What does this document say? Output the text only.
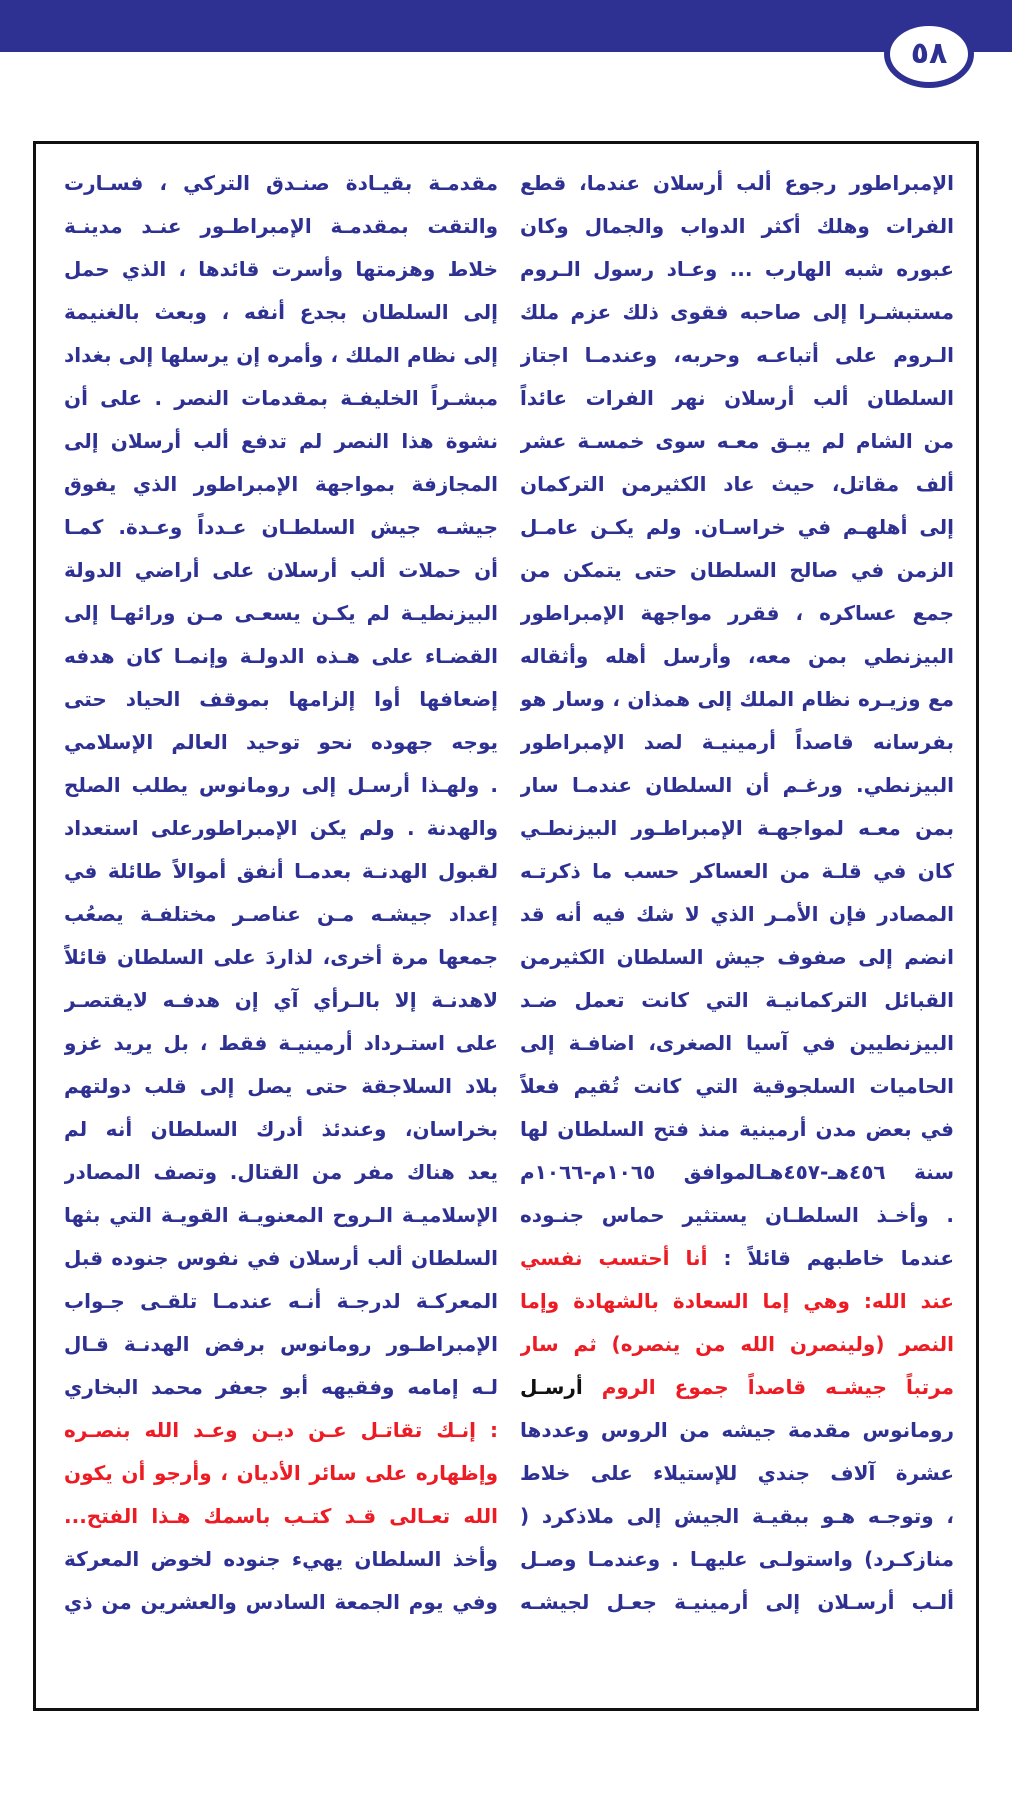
٥٨
الإمبراطور رجوع ألب أرسلان عندما، قطع
الفرات وهلك أكثر الدواب والجمال وكان
عبوره شبه الهارب ... وعـاد رسول الـروم
مستبشـرا إلى صاحبه فقوى ذلك عزم ملك
الـروم على أتباعـه وحربه، وعندمـا اجتاز
السلطان ألب أرسلان نهر الفرات عائداً
من الشام لم يبـق معـه سوى خمسـة عشر
ألف مقاتل، حيث عاد الكثيرمن التركمان
إلى أهلهـم في خراسـان. ولم يكـن عامـل
الزمن في صالح السلطان حتى يتمكن من
جمع عساكره ، فقرر مواجهة الإمبراطور
البيزنطي بمن معه، وأرسل أهله وأثقاله
مع وزيـره نظام الملك إلى همذان ، وسار هو
بفرسانه قاصداً أرمينيـة لصد الإمبراطور
البيزنطي. ورغـم أن السلطان عندمـا سار
بمن معـه لمواجهـة الإمبراطـور البيزنطـي
كان في قلـة من العساكر حسب ما ذكرتـه
المصادر فإن الأمـر الذي لا شك فيه أنه قد
انضم إلى صفوف جيش السلطان الكثيرمن
القبائل التركمانيـة التي كانت تعمل ضـد
البيزنطيين في آسيا الصغرى، اضافـة إلى
الحاميات السلجوقية التي كانت تُقيم فعلاً
في بعض مدن أرمينية منذ فتح السلطان لها
سنة ٤٥٦هـ-٤٥٧هـالموافق ١٠٦٥م-١٠٦٦م
. وأخـذ السلطـان يستثير حماس جنـوده
عندما خاطبهم قائلاً : أنا أحتسب نفسي
عند الله: وهي إما السعادة بالشهادة وإما
النصر (ولينصرن الله من ينصره) ثم سار
مرتباً جيشـه قاصداً جموع الروم أرسـل
رومانوس مقدمة جيشه من الروس وعددها
عشرة آلاف جندي للإستيلاء على خلاط
، وتوجـه هـو ببقيـة الجيش إلى ملاذكرد (
منازكـرد) واستولـى عليهـا . وعندمـا وصـل
ألـب أرسـلان إلى أرمينيـة جعـل لجيشـه
مقدمـة بقيـادة صنـدق التركي ، فسـارت
والتقت بمقدمـة الإمبراطـور عنـد مدينـة
خلاط وهزمتها وأسرت قائدها ، الذي حمل
إلى السلطان بجدع أنفه ، وبعث بالغنيمة
إلى نظام الملك ، وأمره إن يرسلها إلى بغداد
مبشـراً الخليفـة بمقدمات النصر . على أن
نشوة هذا النصر لم تدفع ألب أرسلان إلى
المجازفة بمواجهة الإمبراطور الذي يفوق
جيشـه جيش السلطـان عـدداً وعـدة. كمـا
أن حملات ألب أرسلان على أراضي الدولة
البيزنطيـة لم يكـن يسعـى مـن ورائهـا إلى
القضـاء على هـذه الدولـة وإنمـا كان هدفه
إضعافها أوا إلزامها بموقف الحياد حتى
يوجه جهوده نحو توحيد العالم الإسلامي
. ولهـذا أرسـل إلى رومانوس يطلب الصلح
والهدنة . ولم يكن الإمبراطورعلى استعداد
لقبول الهدنـة بعدمـا أنفق أموالاً طائلة في
إعداد جيشـه مـن عناصـر مختلفـة يصعُب
جمعها مرة أخرى، لذاردَ على السلطان قائلاً
لاهدنـة إلا بالـرأي آي إن هدفـه لايقتصـر
على استـرداد أرمينيـة فقط ، بل يريد غزو
بلاد السلاجقة حتى يصل إلى قلب دولتهم
بخراسان، وعندئذ أدرك السلطان أنه لم
يعد هناك مفر من القتال. وتصف المصادر
الإسلاميـة الـروح المعنويـة القويـة التي بثها
السلطان ألب أرسلان في نفوس جنوده قبل
المعركـة لدرجـة أنـه عندمـا تلقـى جـواب
الإمبراطـور رومانوس برفض الهدنـة قـال
لـه إمامه وفقيهه أبو جعفر محمد البخاري
: إنـك تقاتـل عـن ديـن وعـد الله بنصـره
وإظهاره على سائر الأديان ، وأرجو أن يكون
الله تعـالى قـد كتـب باسمك هـذا الفتح...
وأخذ السلطان يهيء جنوده لخوض المعركة
وفي يوم الجمعة السادس والعشرين من ذي
